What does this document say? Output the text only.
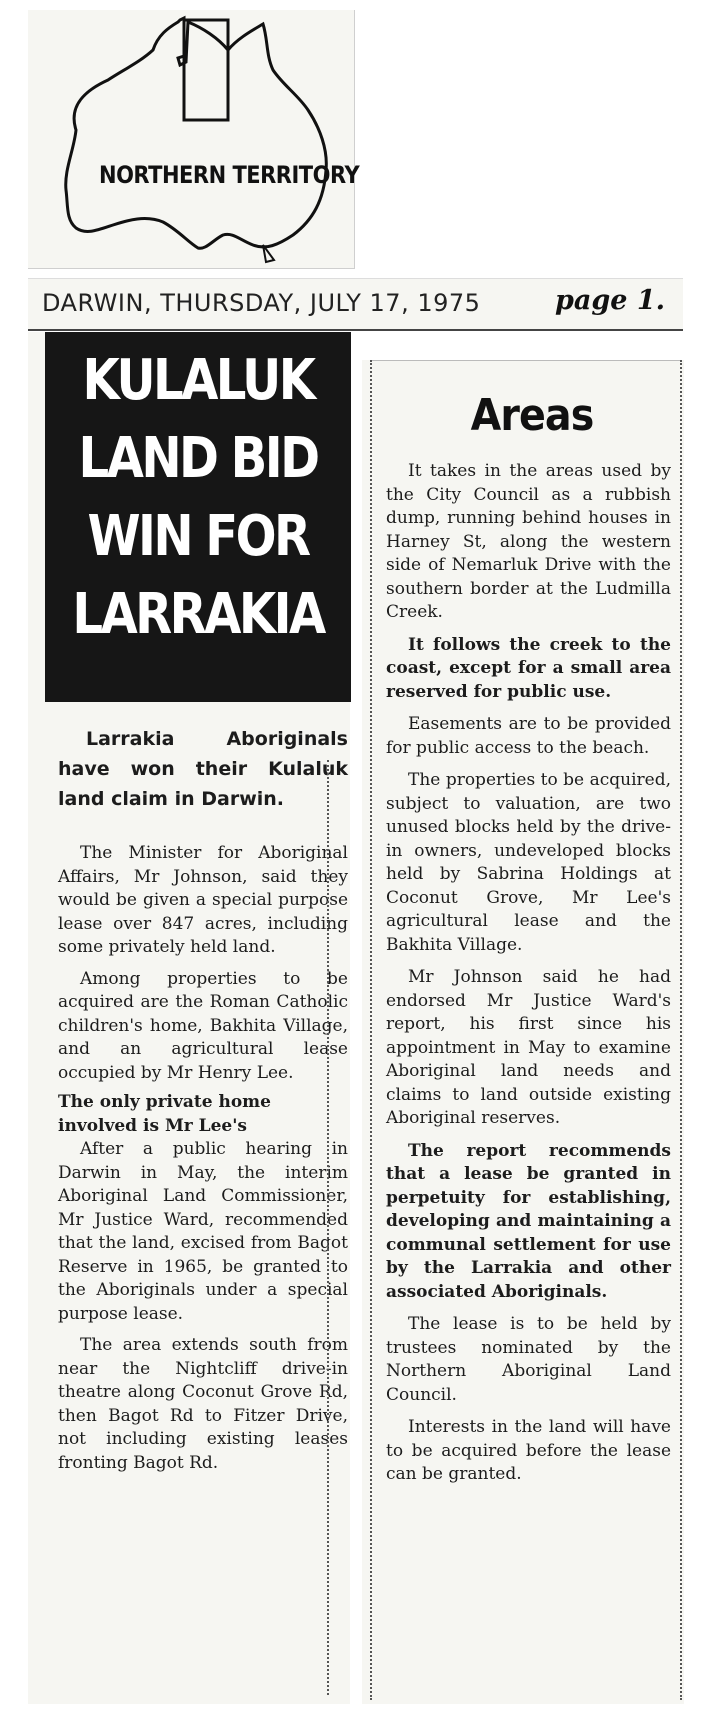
NORTHERN TERRITORY
DARWIN, THURSDAY, JULY 17, 1975	page 1.
KULALUK
LAND BID
WIN FOR
LARRAKIA
Larrakia Aboriginals have won their Kulaluk land claim in Darwin.

The Minister for Aboriginal Affairs, Mr Johnson, said they would be given a special purpose lease over 847 acres, including some privately held land.

Among properties to be acquired are the Roman Catholic children's home, Bakhita Village, and an agricultural lease occupied by Mr Henry Lee.

The only private home involved is Mr Lee's

After a public hearing in Darwin in May, the interim Aboriginal Land Commissioner, Mr Justice Ward, recommended that the land, excised from Bagot Reserve in 1965, be granted to the Aboriginals under a special purpose lease.

The area extends south from near the Nightcliff drive-in theatre along Coconut Grove Rd, then Bagot Rd to Fitzer Drive, not including existing leases fronting Bagot Rd.

Areas

It takes in the areas used by the City Council as a rubbish dump, running behind houses in Harney St, along the western side of Nemarluk Drive with the southern border at the Ludmilla Creek.

It follows the creek to the coast, except for a small area reserved for public use.

Easements are to be provided for public access to the beach.

The properties to be acquired, subject to valuation, are two unused blocks held by the drive-in owners, undeveloped blocks held by Sabrina Holdings at Coconut Grove, Mr Lee's agricultural lease and the Bakhita Village.

Mr Johnson said he had endorsed Mr Justice Ward's report, his first since his appointment in May to examine Aboriginal land needs and claims to land outside existing Aboriginal reserves.

The report recommends that a lease be granted in perpetuity for establishing, developing and maintaining a communal settlement for use by the Larrakia and other associated Aboriginals.

The lease is to be held by trustees nominated by the Northern Aboriginal Land Council.

Interests in the land will have to be acquired before the lease can be granted.
